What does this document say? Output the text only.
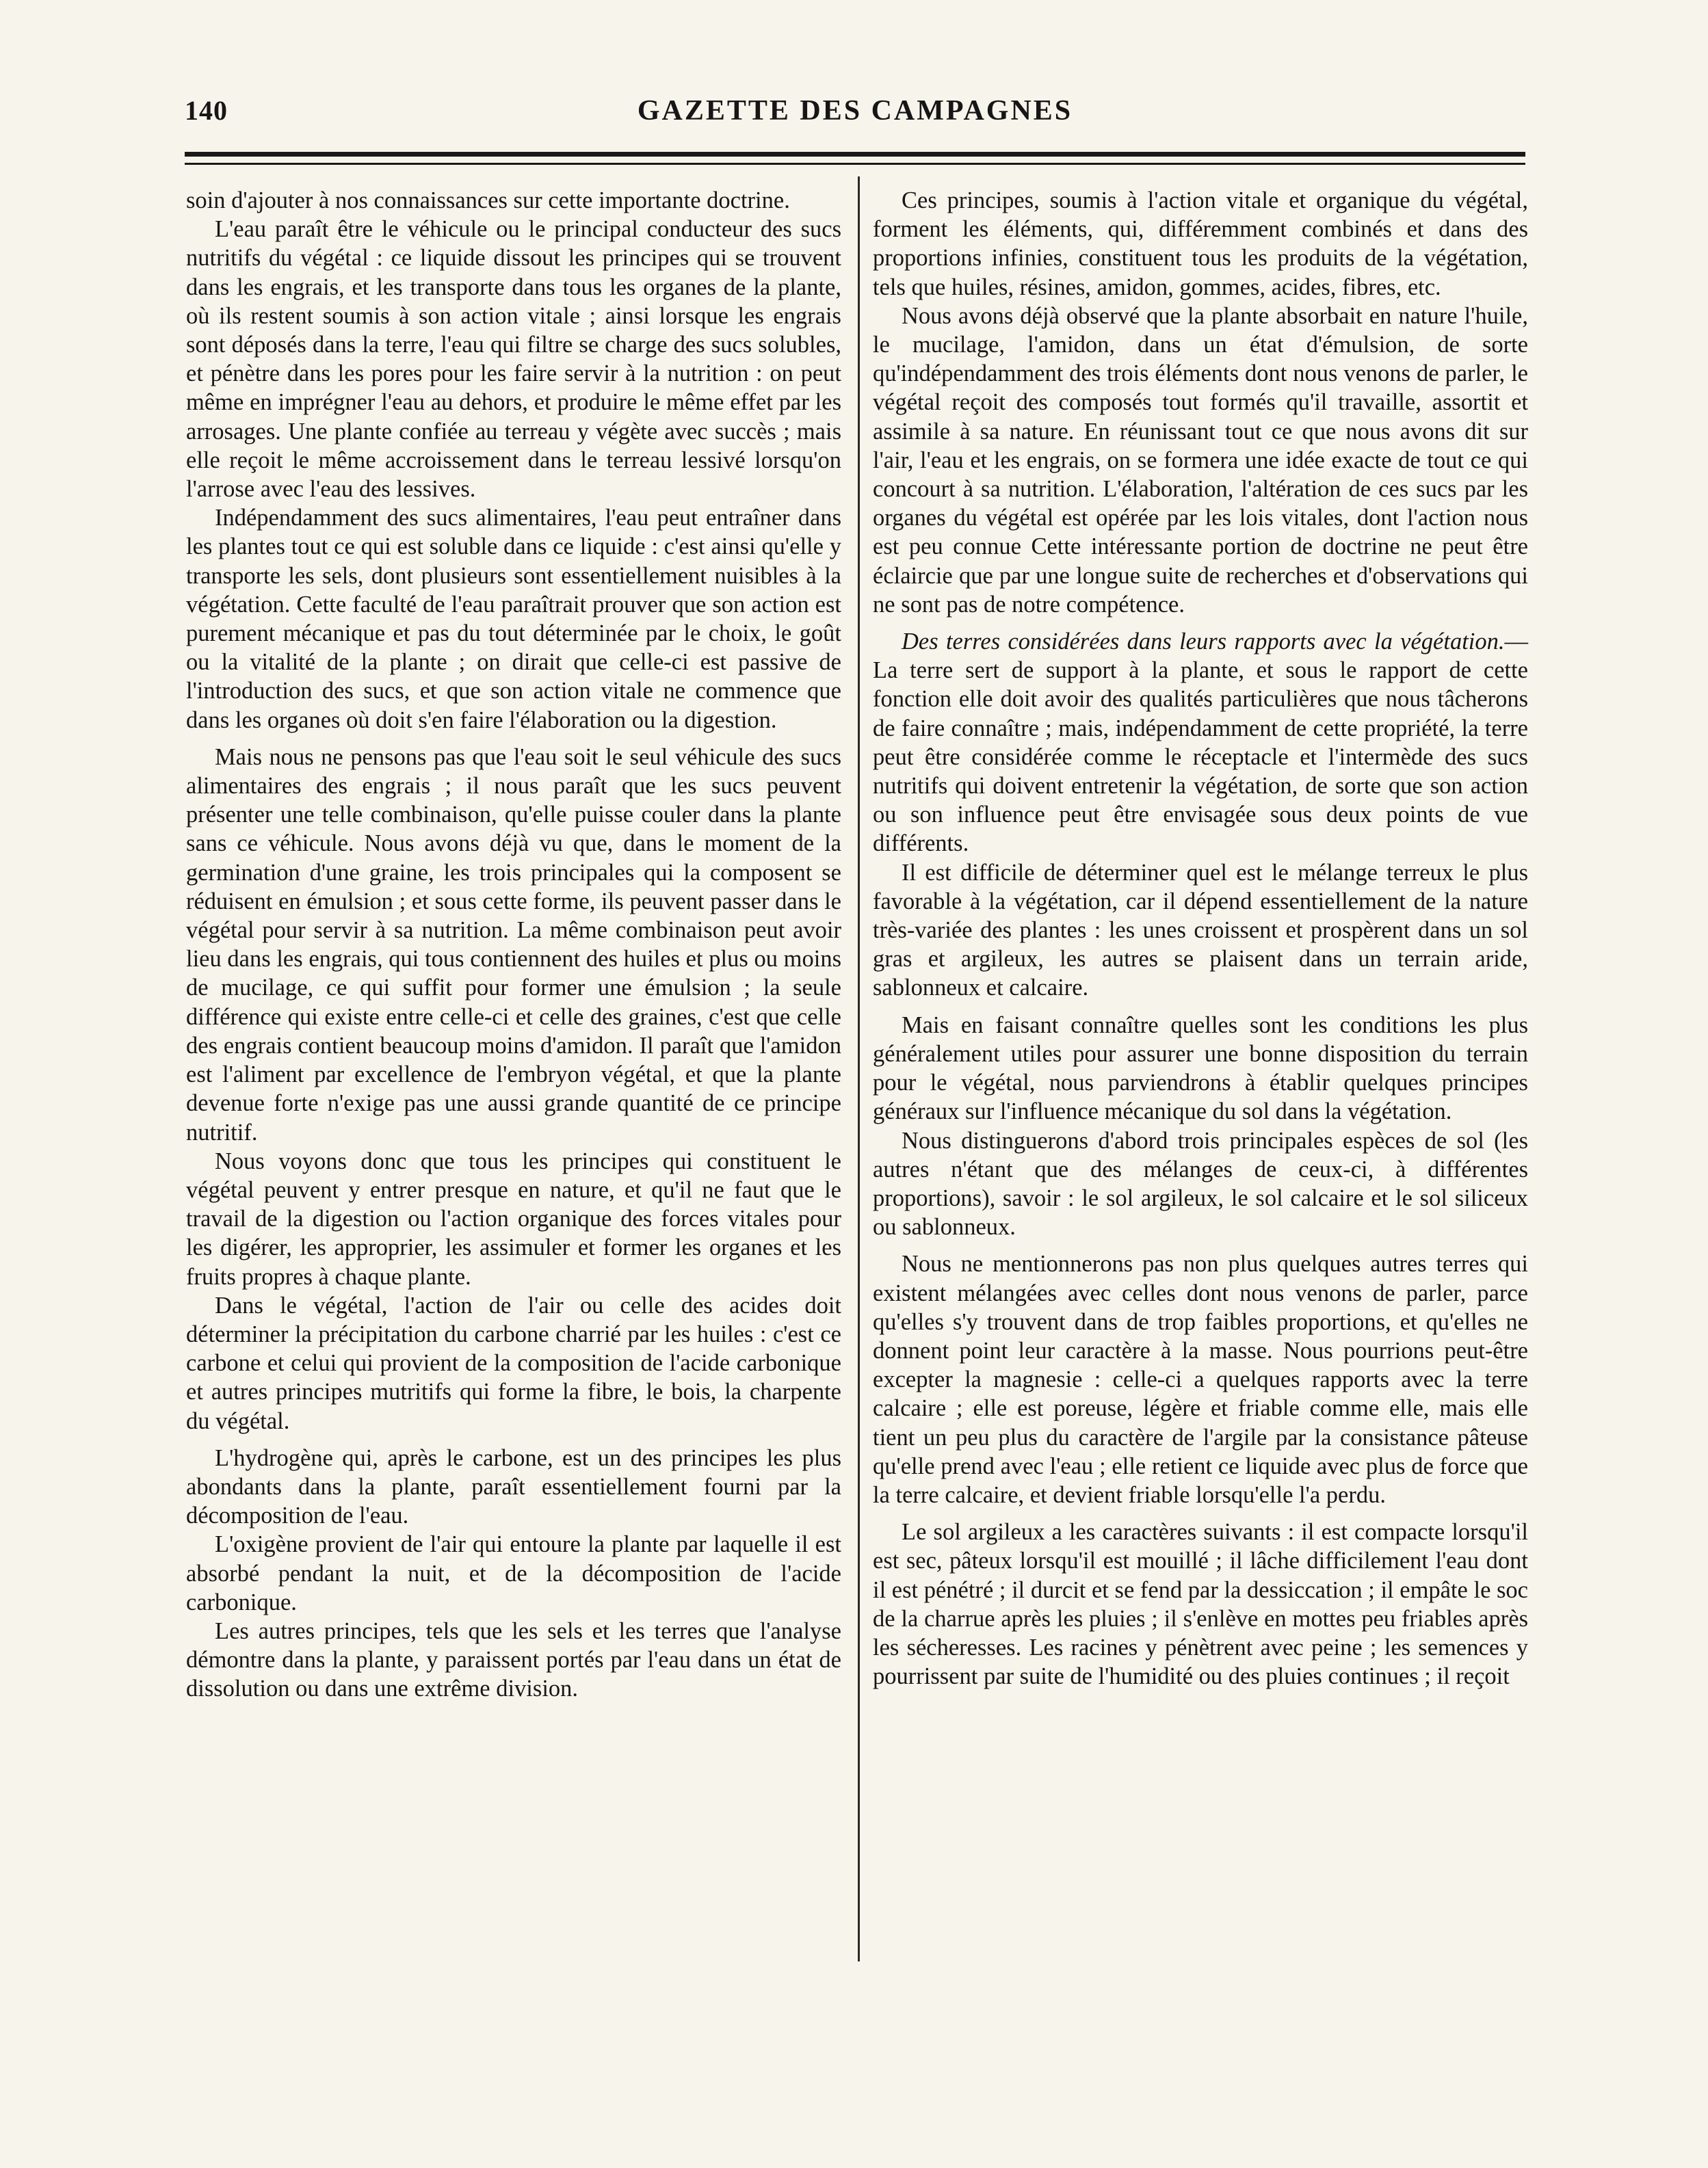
140	GAZETTE DES CAMPAGNES

soin d'ajouter à nos connaissances sur cette importante doctrine.

L'eau paraît être le véhicule ou le principal conducteur des sucs nutritifs du végétal : ce liquide dissout les principes qui se trouvent dans les engrais, et les transporte dans tous les organes de la plante, où ils restent soumis à son action vitale ; ainsi lorsque les engrais sont déposés dans la terre, l'eau qui filtre se charge des sucs solubles, et pénètre dans les pores pour les faire servir à la nutrition : on peut même en imprégner l'eau au dehors, et produire le même effet par les arrosages. Une plante confiée au terreau y végète avec succès ; mais elle reçoit le même accroissement dans le terreau lessivé lorsqu'on l'arrose avec l'eau des lessives.

Indépendamment des sucs alimentaires, l'eau peut entraîner dans les plantes tout ce qui est soluble dans ce liquide : c'est ainsi qu'elle y transporte les sels, dont plusieurs sont essentiellement nuisibles à la végétation. Cette faculté de l'eau paraîtrait prouver que son action est purement mécanique et pas du tout déterminée par le choix, le goût ou la vitalité de la plante ; on dirait que celle-ci est passive de l'introduction des sucs, et que son action vitale ne commence que dans les organes où doit s'en faire l'élaboration ou la digestion.

Mais nous ne pensons pas que l'eau soit le seul véhicule des sucs alimentaires des engrais ; il nous paraît que les sucs peuvent présenter une telle combinaison, qu'elle puisse couler dans la plante sans ce véhicule. Nous avons déjà vu que, dans le moment de la germination d'une graine, les trois principales qui la composent se réduisent en émulsion ; et sous cette forme, ils peuvent passer dans le végétal pour servir à sa nutrition. La même combinaison peut avoir lieu dans les engrais, qui tous contiennent des huiles et plus ou moins de mucilage, ce qui suffit pour former une émulsion ; la seule différence qui existe entre celle-ci et celle des graines, c'est que celle des engrais contient beaucoup moins d'amidon. Il paraît que l'amidon est l'aliment par excellence de l'embryon végétal, et que la plante devenue forte n'exige pas une aussi grande quantité de ce principe nutritif.

Nous voyons donc que tous les principes qui constituent le végétal peuvent y entrer presque en nature, et qu'il ne faut que le travail de la digestion ou l'action organique des forces vitales pour les digérer, les approprier, les assimuler et former les organes et les fruits propres à chaque plante.

Dans le végétal, l'action de l'air ou celle des acides doit déterminer la précipitation du carbone charrié par les huiles : c'est ce carbone et celui qui provient de la composition de l'acide carbonique et autres principes mutritifs qui forme la fibre, le bois, la charpente du végétal.

L'hydrogène qui, après le carbone, est un des principes les plus abondants dans la plante, paraît essentiellement fourni par la décomposition de l'eau.

L'oxigène provient de l'air qui entoure la plante par laquelle il est absorbé pendant la nuit, et de la décomposition de l'acide carbonique.

Les autres principes, tels que les sels et les terres que l'analyse démontre dans la plante, y paraissent portés par l'eau dans un état de dissolution ou dans une extrême division.

Ces principes, soumis à l'action vitale et organique du végétal, forment les éléments, qui, différemment combinés et dans des proportions infinies, constituent tous les produits de la végétation, tels que huiles, résines, amidon, gommes, acides, fibres, etc.

Nous avons déjà observé que la plante absorbait en nature l'huile, le mucilage, l'amidon, dans un état d'émulsion, de sorte qu'indépendamment des trois éléments dont nous venons de parler, le végétal reçoit des composés tout formés qu'il travaille, assortit et assimile à sa nature. En réunissant tout ce que nous avons dit sur l'air, l'eau et les engrais, on se formera une idée exacte de tout ce qui concourt à sa nutrition. L'élaboration, l'altération de ces sucs par les organes du végétal est opérée par les lois vitales, dont l'action nous est peu connue Cette intéressante portion de doctrine ne peut être éclaircie que par une longue suite de recherches et d'observations qui ne sont pas de notre compétence.

Des terres considérées dans leurs rapports avec la végétation.— La terre sert de support à la plante, et sous le rapport de cette fonction elle doit avoir des qualités particulières que nous tâcherons de faire connaître ; mais, indépendamment de cette propriété, la terre peut être considérée comme le réceptacle et l'intermède des sucs nutritifs qui doivent entretenir la végétation, de sorte que son action ou son influence peut être envisagée sous deux points de vue différents.

Il est difficile de déterminer quel est le mélange terreux le plus favorable à la végétation, car il dépend essentiellement de la nature très-variée des plantes : les unes croissent et prospèrent dans un sol gras et argileux, les autres se plaisent dans un terrain aride, sablonneux et calcaire.

Mais en faisant connaître quelles sont les conditions les plus généralement utiles pour assurer une bonne disposition du terrain pour le végétal, nous parviendrons à établir quelques principes généraux sur l'influence mécanique du sol dans la végétation.

Nous distinguerons d'abord trois principales espèces de sol (les autres n'étant que des mélanges de ceux-ci, à différentes proportions), savoir : le sol argileux, le sol calcaire et le sol siliceux ou sablonneux.

Nous ne mentionnerons pas non plus quelques autres terres qui existent mélangées avec celles dont nous venons de parler, parce qu'elles s'y trouvent dans de trop faibles proportions, et qu'elles ne donnent point leur caractère à la masse. Nous pourrions peut-être excepter la magnesie : celle-ci a quelques rapports avec la terre calcaire ; elle est poreuse, légère et friable comme elle, mais elle tient un peu plus du caractère de l'argile par la consistance pâteuse qu'elle prend avec l'eau ; elle retient ce liquide avec plus de force que la terre calcaire, et devient friable lorsqu'elle l'a perdu.

Le sol argileux a les caractères suivants : il est compacte lorsqu'il est sec, pâteux lorsqu'il est mouillé ; il lâche difficilement l'eau dont il est pénétré ; il durcit et se fend par la dessiccation ; il empâte le soc de la charrue après les pluies ; il s'enlève en mottes peu friables après les sécheresses. Les racines y pénètrent avec peine ; les semences y pourrissent par suite de l'humidité ou des pluies continues ; il reçoit
